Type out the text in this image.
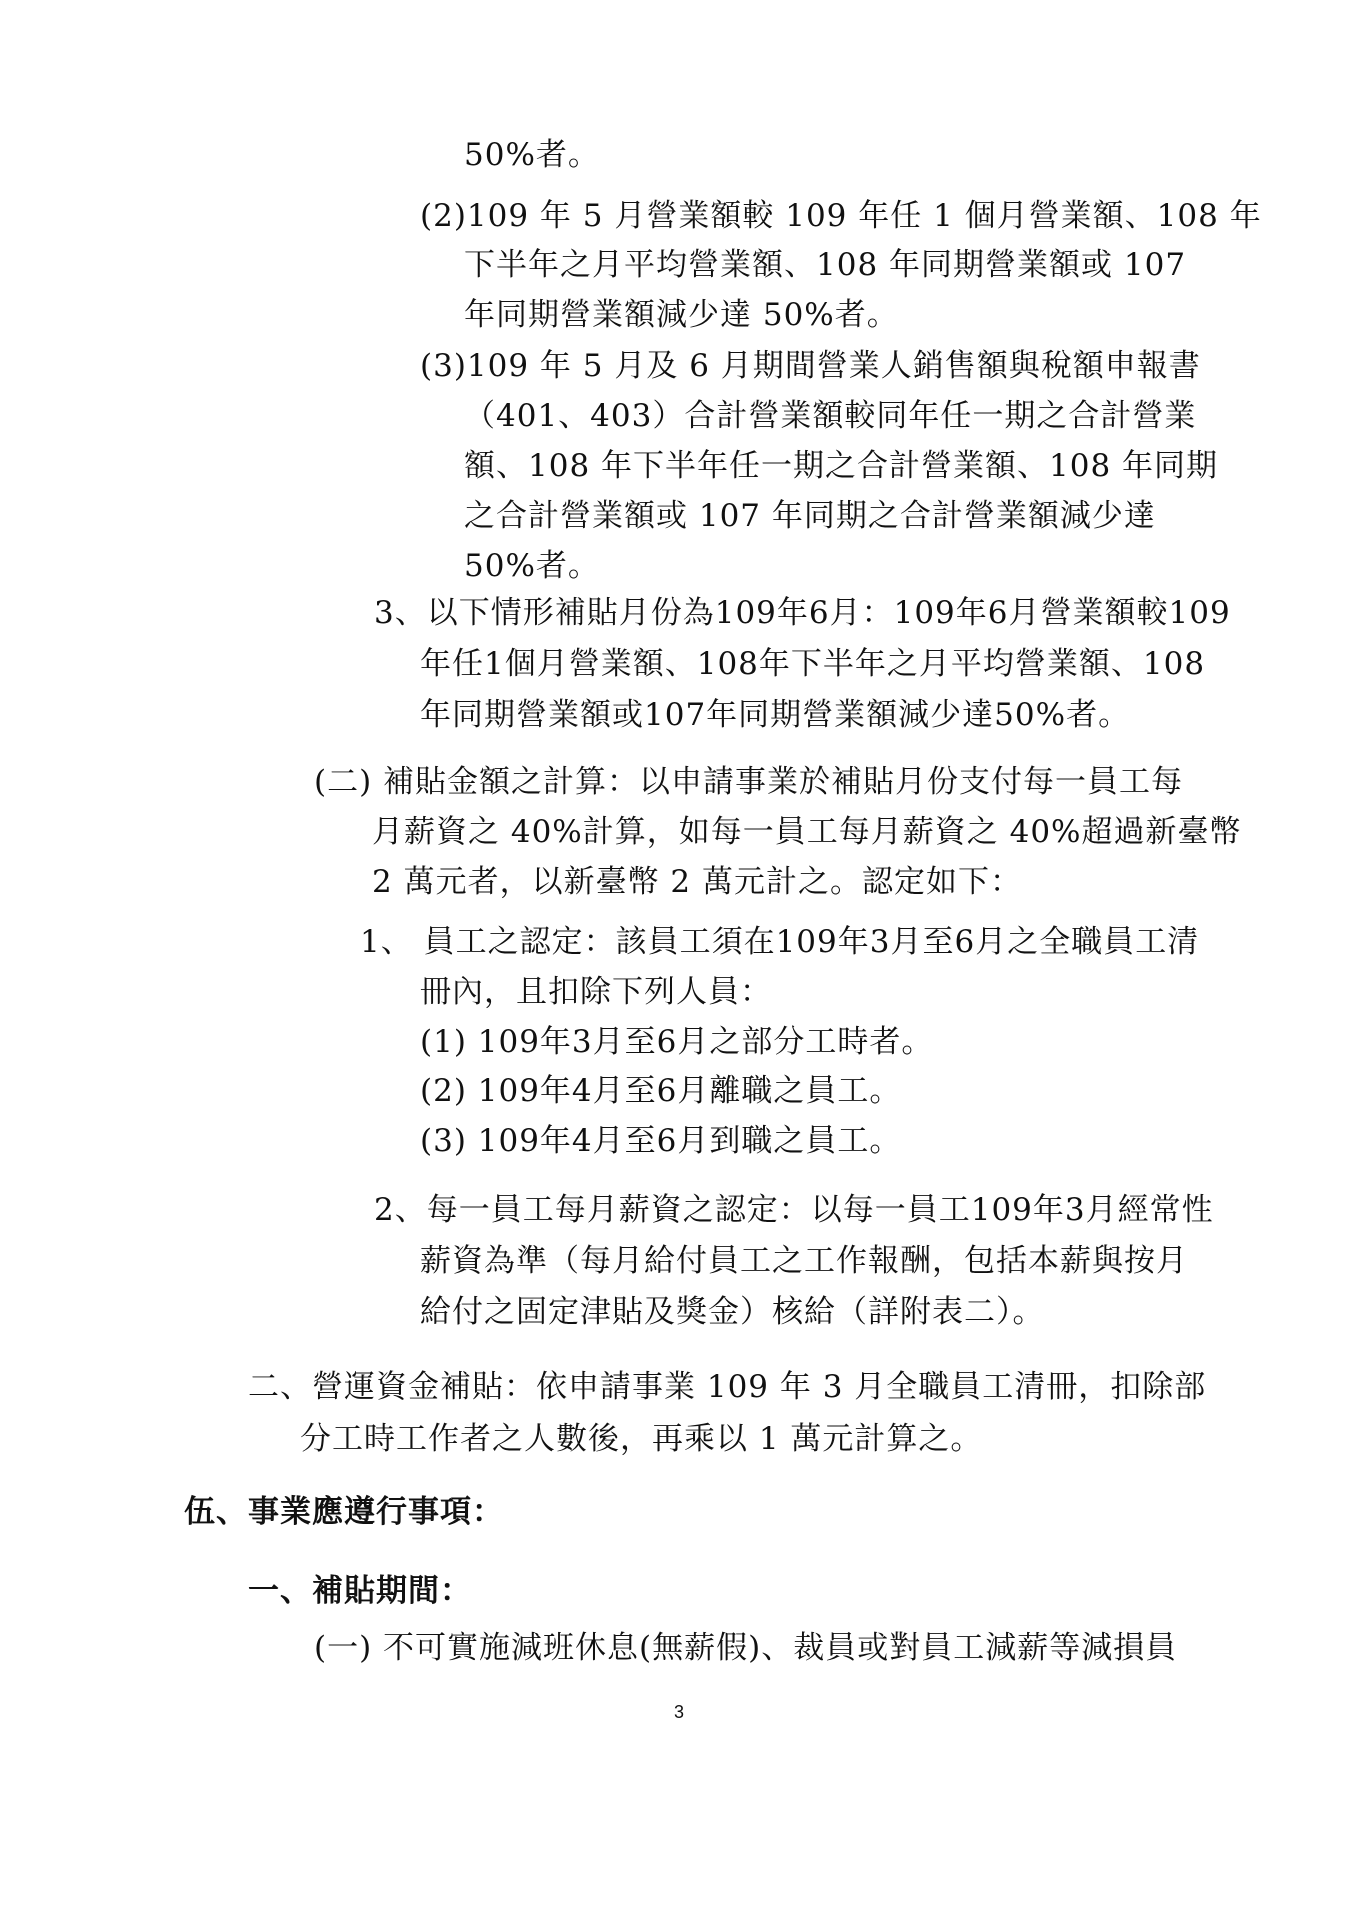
50%者。
(2)109 年 5 月營業額較 109 年任 1 個月營業額、108 年
下半年之月平均營業額、108 年同期營業額或 107
年同期營業額減少達 50%者。
(3)109 年 5 月及 6 月期間營業人銷售額與稅額申報書
（401、403）合計營業額較同年任一期之合計營業
額、108 年下半年任一期之合計營業額、108 年同期
之合計營業額或 107 年同期之合計營業額減少達
50%者。
3、以下情形補貼月份為109年6月：109年6月營業額較109
年任1個月營業額、108年下半年之月平均營業額、108
年同期營業額或107年同期營業額減少達50%者。
(二) 補貼金額之計算：以申請事業於補貼月份支付每一員工每
月薪資之 40%計算，如每一員工每月薪資之 40%超過新臺幣
2 萬元者，以新臺幣 2 萬元計之。認定如下：
1、 員工之認定：該員工須在109年3月至6月之全職員工清
冊內，且扣除下列人員：
(1) 109年3月至6月之部分工時者。
(2) 109年4月至6月離職之員工。
(3) 109年4月至6月到職之員工。
2、每一員工每月薪資之認定：以每一員工109年3月經常性
薪資為準（每月給付員工之工作報酬，包括本薪與按月
給付之固定津貼及獎金）核給（詳附表二）。
二、營運資金補貼：依申請事業 109 年 3 月全職員工清冊，扣除部
分工時工作者之人數後，再乘以 1 萬元計算之。
伍、事業應遵行事項：
一、補貼期間：
(一) 不可實施減班休息(無薪假)、裁員或對員工減薪等減損員
3
